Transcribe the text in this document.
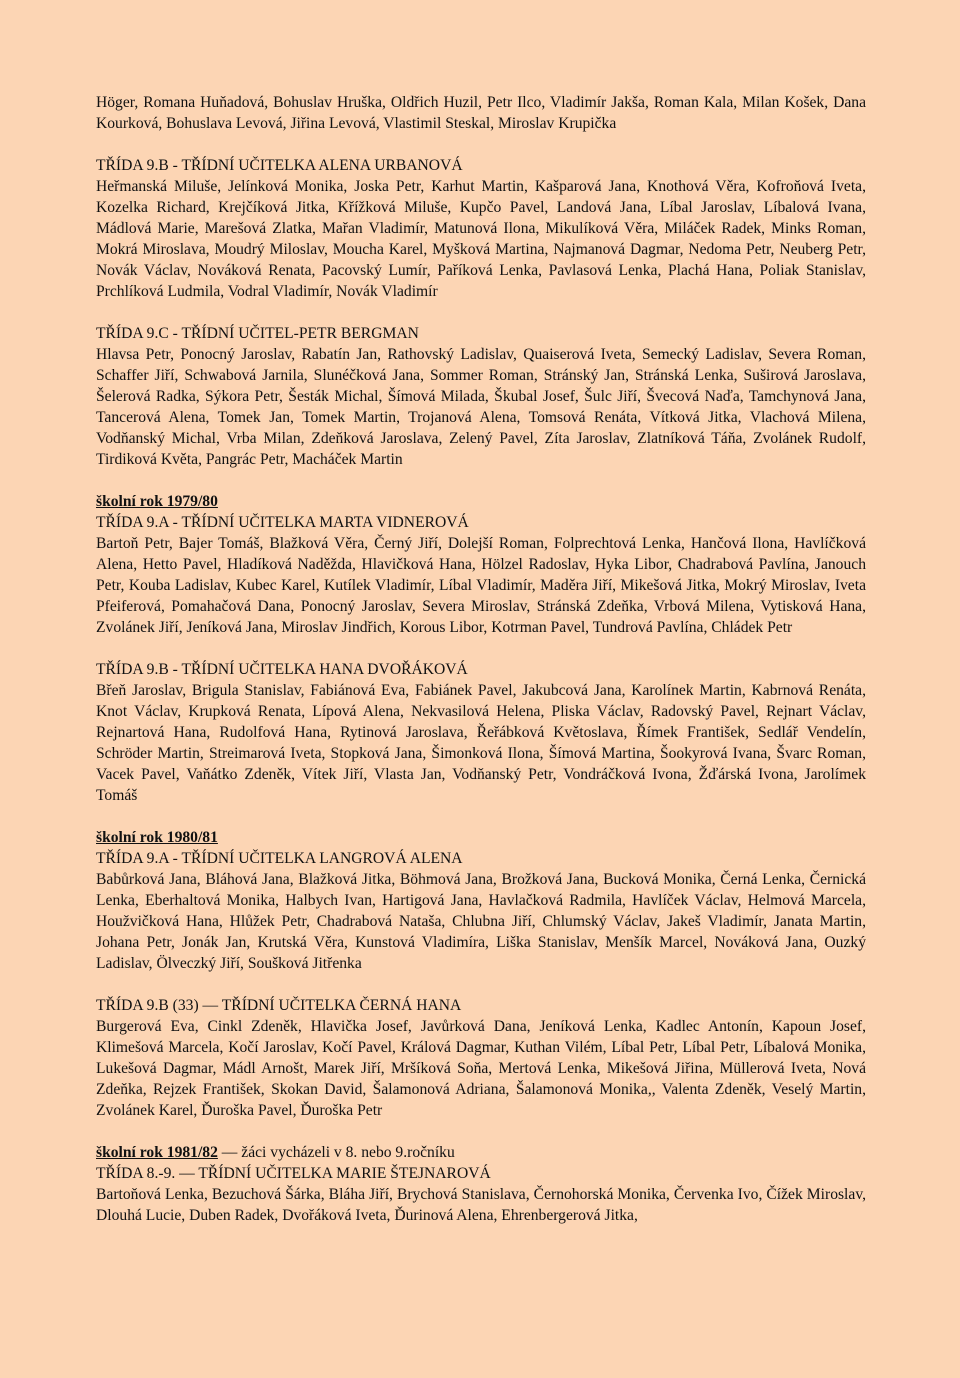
Höger, Romana Huňadová, Bohuslav Hruška, Oldřich Huzil, Petr Ilco, Vladimír Jakša, Roman Kala, Milan Košek, Dana Kourková, Bohuslava Levová, Jiřina Levová, Vlastimil Steskal, Miroslav Krupička

TŘÍDA 9.B - TŘÍDNÍ UČITELKA ALENA URBANOVÁ

Heřmanská Miluše, Jelínková Monika, Joska Petr, Karhut Martin, Kašparová Jana, Knothová Věra, Kofroňová Iveta, Kozelka Richard, Krejčíková Jitka, Křížková Miluše, Kupčo Pavel, Landová Jana, Líbal Jaroslav, Líbalová Ivana, Mádlová Marie, Marešová Zlatka, Mařan Vladimír, Matunová Ilona, Mikulíková Věra, Miláček Radek, Minks Roman, Mokrá Miroslava, Moudrý Miloslav, Moucha Karel, Myšková Martina, Najmanová Dagmar, Nedoma Petr, Neuberg Petr, Novák Václav, Nováková Renata, Pacovský Lumír, Paříková Lenka, Pavlasová Lenka, Plachá Hana, Poliak Stanislav, Prchlíková Ludmila, Vodral Vladimír, Novák Vladimír

TŘÍDA 9.C - TŘÍDNÍ UČITEL-PETR BERGMAN

Hlavsa Petr, Ponocný Jaroslav, Rabatín Jan, Rathovský Ladislav, Quaiserová Iveta, Semecký Ladislav, Severa Roman, Schaffer Jiří, Schwabová Jarnila, Slunéčková Jana, Sommer Roman, Stránský Jan, Stránská Lenka, Suširová Jaroslava, Šelerová Radka, Sýkora Petr, Šesták Michal, Šímová Milada, Škubal Josef, Šulc Jiří, Švecová Naďa, Tamchynová Jana, Tancerová Alena, Tomek Jan, Tomek Martin, Trojanová Alena, Tomsová Renáta, Vítková Jitka, Vlachová Milena, Vodňanský Michal, Vrba Milan, Zdeňková Jaroslava, Zelený Pavel, Zíta Jaroslav, Zlatníková Táňa, Zvolánek Rudolf, Tirdiková Květa, Pangrác Petr, Macháček Martin

školní rok 1979/80

TŘÍDA 9.A - TŘÍDNÍ UČITELKA MARTA VIDNEROVÁ

Bartoň Petr, Bajer Tomáš, Blažková Věra, Černý Jiří, Dolejší Roman, Folprechtová Lenka, Hančová Ilona, Havlíčková Alena, Hetto Pavel, Hladíková Naděžda, Hlavičková Hana, Hölzel Radoslav, Hyka Libor, Chadrabová Pavlína, Janouch Petr, Kouba Ladislav, Kubec Karel, Kutílek Vladimír, Líbal Vladimír, Maděra Jiří, Mikešová Jitka, Mokrý Miroslav, Iveta Pfeiferová, Pomahačová Dana, Ponocný Jaroslav, Severa Miroslav, Stránská Zdeňka, Vrbová Milena, Vytisková Hana, Zvolánek Jiří, Jeníková Jana, Miroslav Jindřich, Korous Libor, Kotrman Pavel, Tundrová Pavlína, Chládek Petr

TŘÍDA 9.B - TŘÍDNÍ UČITELKA HANA DVOŘÁKOVÁ

Břeň Jaroslav, Brigula Stanislav, Fabiánová Eva, Fabiánek Pavel, Jakubcová Jana, Karolínek Martin, Kabrnová Renáta, Knot Václav, Krupková Renata, Lípová Alena, Nekvasilová Helena, Pliska Václav, Radovský Pavel, Rejnart Václav, Rejnartová Hana, Rudolfová Hana, Rytinová Jaroslava, Řeřábková Květoslava, Římek František, Sedlář Vendelín, Schröder Martin, Streimarová Iveta, Stopková Jana, Šimonková Ilona, Šímová Martina, Šookyrová Ivana, Švarc Roman, Vacek Pavel, Vaňátko Zdeněk, Vítek Jiří, Vlasta Jan, Vodňanský Petr, Vondráčková Ivona, Žďárská Ivona, Jarolímek Tomáš

školní rok 1980/81

TŘÍDA 9.A - TŘÍDNÍ UČITELKA LANGROVÁ ALENA

Babůrková Jana, Bláhová Jana, Blažková Jitka, Böhmová Jana, Brožková Jana, Bucková Monika, Černá Lenka, Černická Lenka, Eberhaltová Monika, Halbych Ivan, Hartigová Jana, Havlačková Radmila, Havlíček Václav, Helmová Marcela, Houžvičková Hana, Hlůžek Petr, Chadrabová Nataša, Chlubna Jiří, Chlumský Václav, Jakeš Vladimír, Janata Martin, Johana Petr, Jonák Jan, Krutská Věra, Kunstová Vladimíra, Liška Stanislav, Menšík Marcel, Nováková Jana, Ouzký Ladislav, Ölveczký Jiří, Soušková Jitřenka

TŘÍDA 9.B (33) — TŘÍDNÍ UČITELKA ČERNÁ HANA

Burgerová Eva, Cinkl Zdeněk, Hlavička Josef, Javůrková Dana, Jeníková Lenka, Kadlec Antonín, Kapoun Josef, Klimešová Marcela, Kočí Jaroslav, Kočí Pavel, Králová Dagmar, Kuthan Vilém, Líbal Petr, Líbal Petr, Líbalová Monika, Lukešová Dagmar, Mádl Arnošt, Marek Jiří, Mršíková Soňa, Mertová Lenka, Mikešová Jiřina, Müllerová Iveta, Nová Zdeňka, Rejzek František, Skokan David, Šalamonová Adriana, Šalamonová Monika,, Valenta Zdeněk, Veselý Martin, Zvolánek Karel, Ďuroška Pavel, Ďuroška Petr

školní rok 1981/82 — žáci vycházeli v 8. nebo 9.ročníku

TŘÍDA 8.-9. — TŘÍDNÍ UČITELKA MARIE ŠTEJNAROVÁ

Bartoňová Lenka, Bezuchová Šárka, Bláha Jiří, Brychová Stanislava, Černohorská Monika, Červenka Ivo, Čížek Miroslav, Dlouhá Lucie, Duben Radek, Dvořáková Iveta, Ďurinová Alena, Ehrenbergerová Jitka,
